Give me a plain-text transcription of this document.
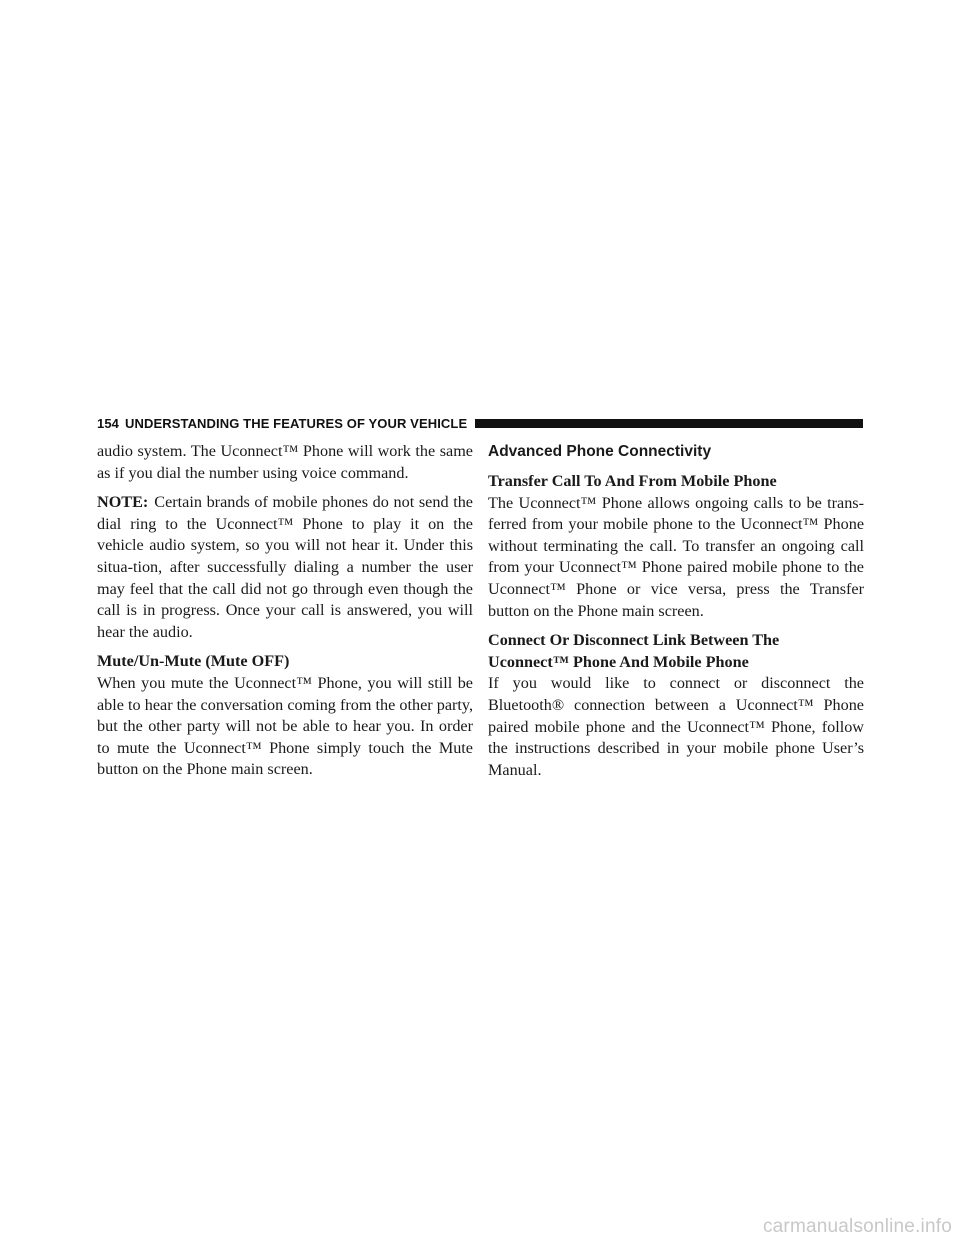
154 UNDERSTANDING THE FEATURES OF YOUR VEHICLE

audio system. The Uconnect™ Phone will work the same as if you dial the number using voice command.

NOTE: Certain brands of mobile phones do not send the dial ring to the Uconnect™ Phone to play it on the vehicle audio system, so you will not hear it. Under this situa-tion, after successfully dialing a number the user may feel that the call did not go through even though the call is in progress. Once your call is answered, you will hear the audio.

Mute/Un-Mute (Mute OFF)

When you mute the Uconnect™ Phone, you will still be able to hear the conversation coming from the other party, but the other party will not be able to hear you. In order to mute the Uconnect™ Phone simply touch the Mute button on the Phone main screen.

Advanced Phone Connectivity
Transfer Call To And From Mobile Phone

The Uconnect™ Phone allows ongoing calls to be trans-ferred from your mobile phone to the Uconnect™ Phone without terminating the call. To transfer an ongoing call from your Uconnect™ Phone paired mobile phone to the Uconnect™ Phone or vice versa, press the Transfer button on the Phone main screen.

Connect Or Disconnect Link Between The Uconnect™ Phone And Mobile Phone

If you would like to connect or disconnect the Bluetooth® connection between a Uconnect™ Phone paired mobile phone and the Uconnect™ Phone, follow the instructions described in your mobile phone User’s Manual.

carmanualsonline.info
